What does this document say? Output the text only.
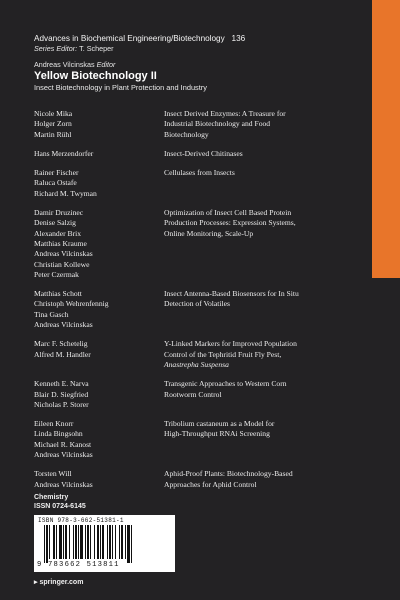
Advances in Biochemical Engineering/Biotechnology 136
Series Editor: T. Scheper
Andreas Vilcinskas Editor
Yellow Biotechnology II
Insect Biotechnology in Plant Protection and Industry
Nicole Mika
Holger Zorn
Martin Rühl
Insect Derived Enzymes: A Treasure for
Industrial Biotechnology and Food
Biotechnology
Hans Merzendorfer	Insect-Derived Chitinases
Rainer Fischer
Raluca Ostafe
Richard M. Twyman
Cellulases from Insects
Damir Druzinec
Denise Salzig
Alexander Brix
Matthias Kraume
Andreas Vilcinskas
Christian Kollewe
Peter Czermak
Optimization of Insect Cell Based Protein
Production Processes: Expression Systems,
Online Monitoring, Scale-Up
Matthias Schott
Christoph Wehrenfennig
Tina Gasch
Andreas Vilcinskas
Insect Antenna-Based Biosensors for In Situ
Detection of Volatiles
Marc F. Schetelig
Alfred M. Handler
Y-Linked Markers for Improved Population
Control of the Tephritid Fruit Fly Pest,
Anastrepha Suspensa
Kenneth E. Narva
Blair D. Siegfried
Nicholas P. Storer
Transgenic Approaches to Western Corn
Rootworm Control
Eileen Knorr
Linda Bingsohn
Michael R. Kanost
Andreas Vilcinskas
Tribolium castaneum as a Model for
High-Throughput RNAi Screening
Torsten Will
Andreas Vilcinskas
Aphid-Proof Plants: Biotechnology-Based
Approaches for Aphid Control
Chemistry
ISSN 0724-6145
ISBN 978-3-662-51381-1
9 783662 513811
▸ springer.com
